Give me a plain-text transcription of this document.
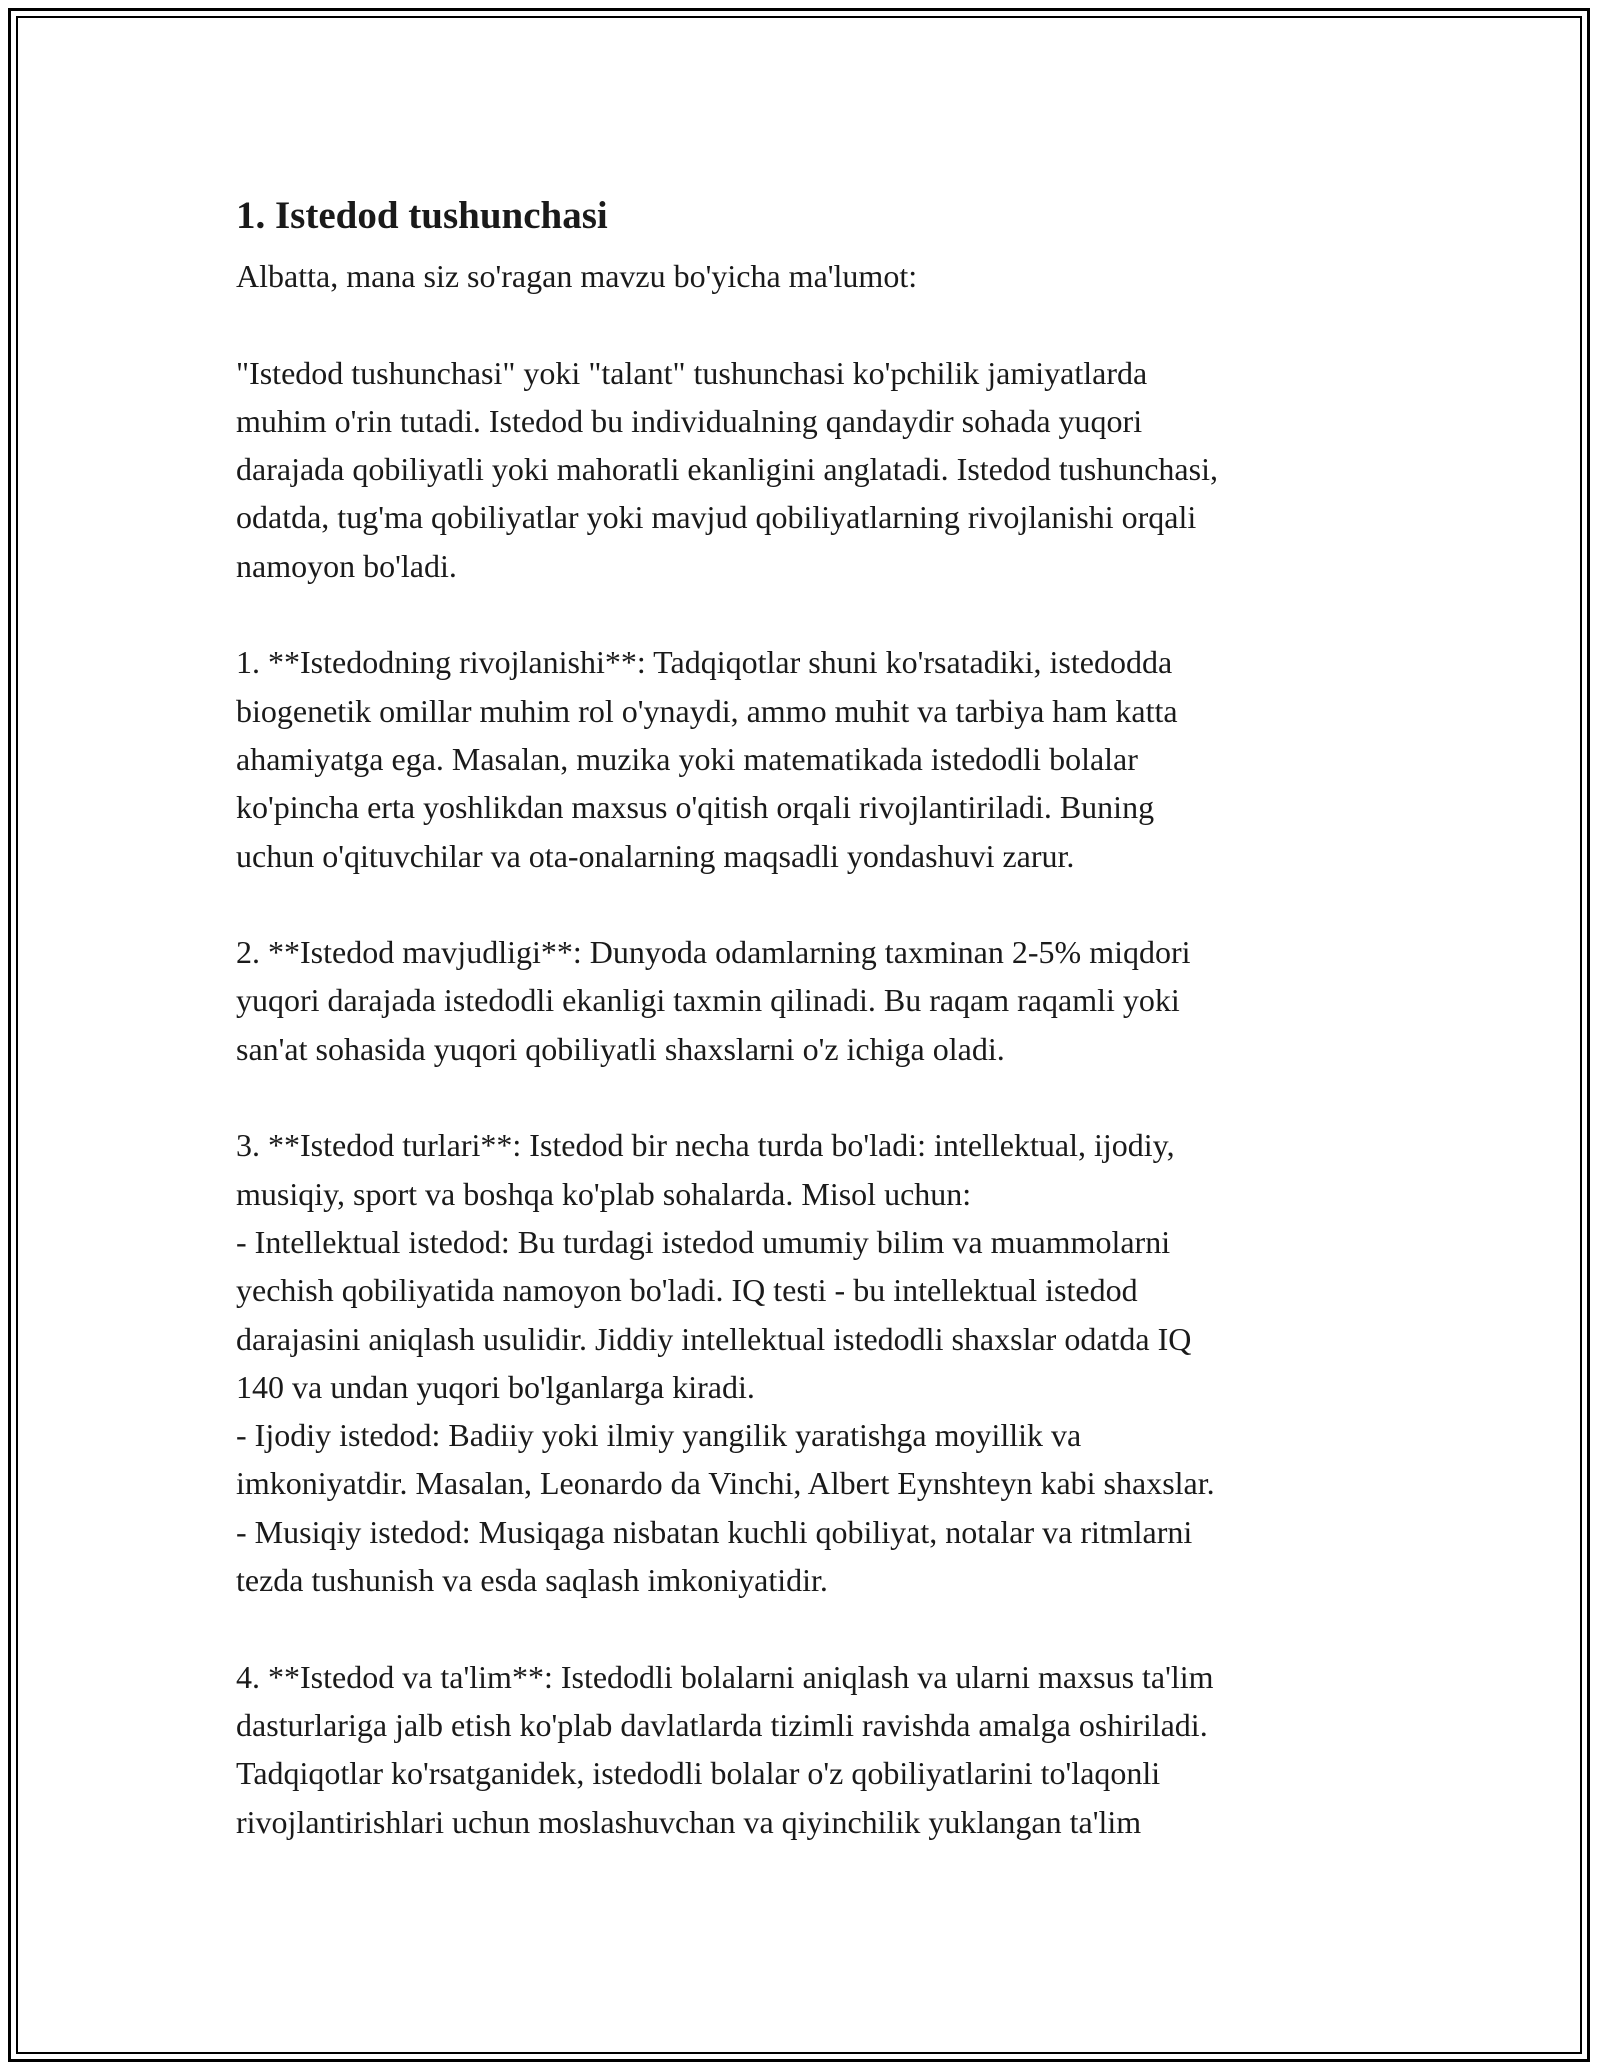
1. Istedod tushunchasi

Albatta, mana siz so'ragan mavzu bo'yicha ma'lumot:

"Istedod tushunchasi" yoki "talant" tushunchasi ko'pchilik jamiyatlarda
muhim o'rin tutadi. Istedod bu individualning qandaydir sohada yuqori
darajada qobiliyatli yoki mahoratli ekanligini anglatadi. Istedod tushunchasi,
odatda, tug'ma qobiliyatlar yoki mavjud qobiliyatlarning rivojlanishi orqali
namoyon bo'ladi.

1. **Istedodning rivojlanishi**: Tadqiqotlar shuni ko'rsatadiki, istedodda
biogenetik omillar muhim rol o'ynaydi, ammo muhit va tarbiya ham katta
ahamiyatga ega. Masalan, muzika yoki matematikada istedodli bolalar
ko'pincha erta yoshlikdan maxsus o'qitish orqali rivojlantiriladi. Buning
uchun o'qituvchilar va ota-onalarning maqsadli yondashuvi zarur.

2. **Istedod mavjudligi**: Dunyoda odamlarning taxminan 2-5% miqdori
yuqori darajada istedodli ekanligi taxmin qilinadi. Bu raqam raqamli yoki
san'at sohasida yuqori qobiliyatli shaxslarni o'z ichiga oladi.

3. **Istedod turlari**: Istedod bir necha turda bo'ladi: intellektual, ijodiy,
musiqiy, sport va boshqa ko'plab sohalarda. Misol uchun:
- Intellektual istedod: Bu turdagi istedod umumiy bilim va muammolarni
yechish qobiliyatida namoyon bo'ladi. IQ testi - bu intellektual istedod
darajasini aniqlash usulidir. Jiddiy intellektual istedodli shaxslar odatda IQ
140 va undan yuqori bo'lganlarga kiradi.
- Ijodiy istedod: Badiiy yoki ilmiy yangilik yaratishga moyillik va
imkoniyatdir. Masalan, Leonardo da Vinchi, Albert Eynshteyn kabi shaxslar.
- Musiqiy istedod: Musiqaga nisbatan kuchli qobiliyat, notalar va ritmlarni
tezda tushunish va esda saqlash imkoniyatidir.

4. **Istedod va ta'lim**: Istedodli bolalarni aniqlash va ularni maxsus ta'lim
dasturlariga jalb etish ko'plab davlatlarda tizimli ravishda amalga oshiriladi.
Tadqiqotlar ko'rsatganidek, istedodli bolalar o'z qobiliyatlarini to'laqonli
rivojlantirishlari uchun moslashuvchan va qiyinchilik yuklangan ta'lim
